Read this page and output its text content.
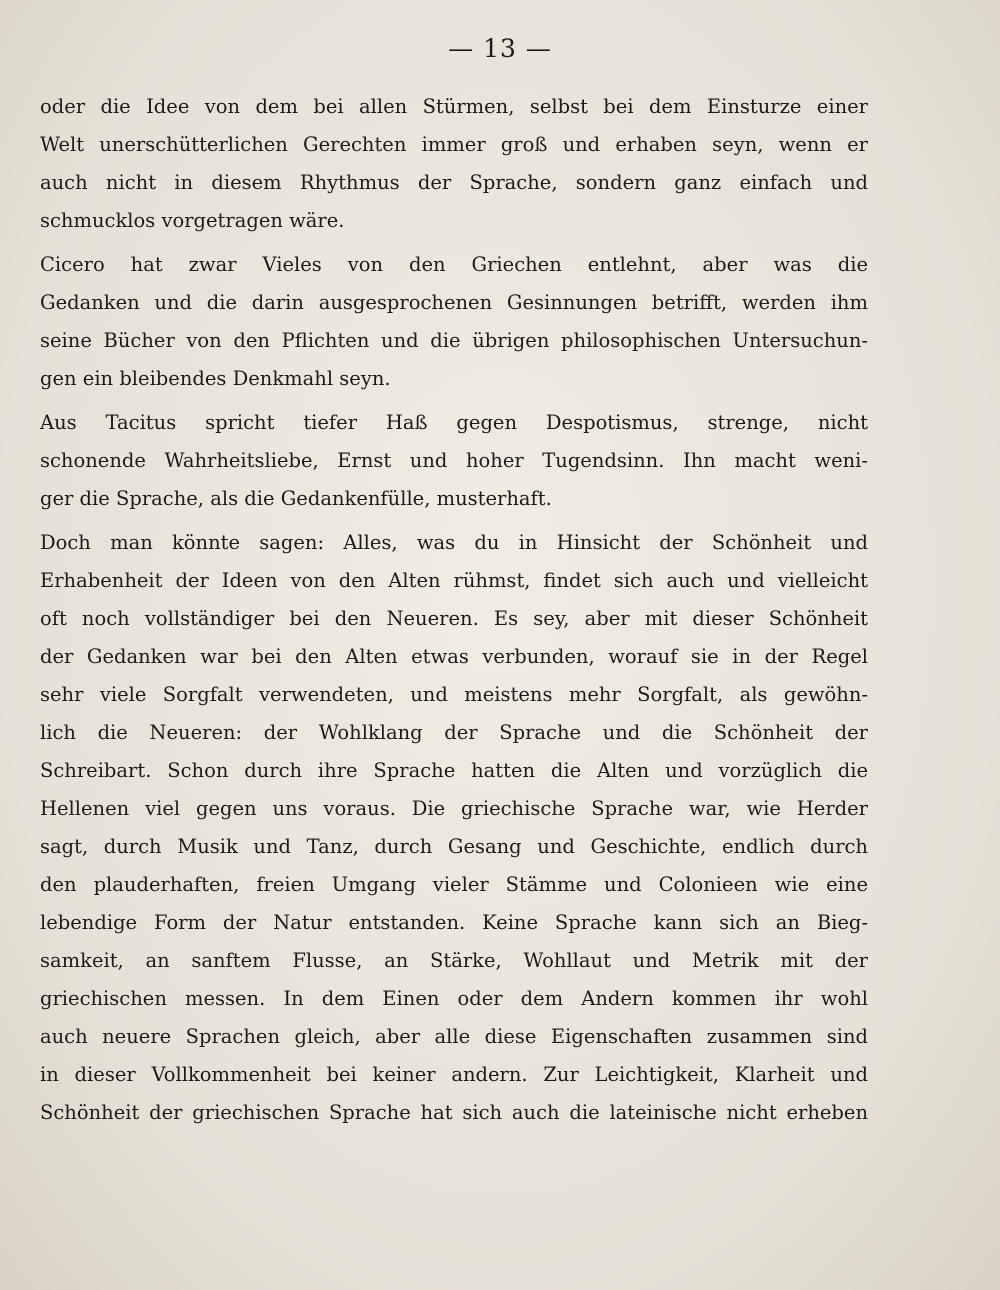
— 13 —
oder die Idee von dem bei allen Stürmen, selbst bei dem Einsturze einer
Welt unerschütterlichen Gerechten immer groß und erhaben seyn, wenn er
auch nicht in diesem Rhythmus der Sprache, sondern ganz einfach und
schmucklos vorgetragen wäre.
Cicero hat zwar Vieles von den Griechen entlehnt, aber was die
Gedanken und die darin ausgesprochenen Gesinnungen betrifft, werden ihm
seine Bücher von den Pflichten und die übrigen philosophischen Untersuchun-
gen ein bleibendes Denkmahl seyn.
Aus Tacitus spricht tiefer Haß gegen Despotismus, strenge, nicht
schonende Wahrheitsliebe, Ernst und hoher Tugendsinn. Ihn macht weni-
ger die Sprache, als die Gedankenfülle, musterhaft.
Doch man könnte sagen: Alles, was du in Hinsicht der Schönheit und
Erhabenheit der Ideen von den Alten rühmst, findet sich auch und vielleicht
oft noch vollständiger bei den Neueren. Es sey, aber mit dieser Schönheit
der Gedanken war bei den Alten etwas verbunden, worauf sie in der Regel
sehr viele Sorgfalt verwendeten, und meistens mehr Sorgfalt, als gewöhn-
lich die Neueren: der Wohlklang der Sprache und die Schönheit der
Schreibart. Schon durch ihre Sprache hatten die Alten und vorzüglich die
Hellenen viel gegen uns voraus. Die griechische Sprache war, wie Herder
sagt, durch Musik und Tanz, durch Gesang und Geschichte, endlich durch
den plauderhaften, freien Umgang vieler Stämme und Colonieen wie eine
lebendige Form der Natur entstanden. Keine Sprache kann sich an Bieg-
samkeit, an sanftem Flusse, an Stärke, Wohllaut und Metrik mit der
griechischen messen. In dem Einen oder dem Andern kommen ihr wohl
auch neuere Sprachen gleich, aber alle diese Eigenschaften zusammen sind
in dieser Vollkommenheit bei keiner andern. Zur Leichtigkeit, Klarheit und
Schönheit der griechischen Sprache hat sich auch die lateinische nicht erheben
